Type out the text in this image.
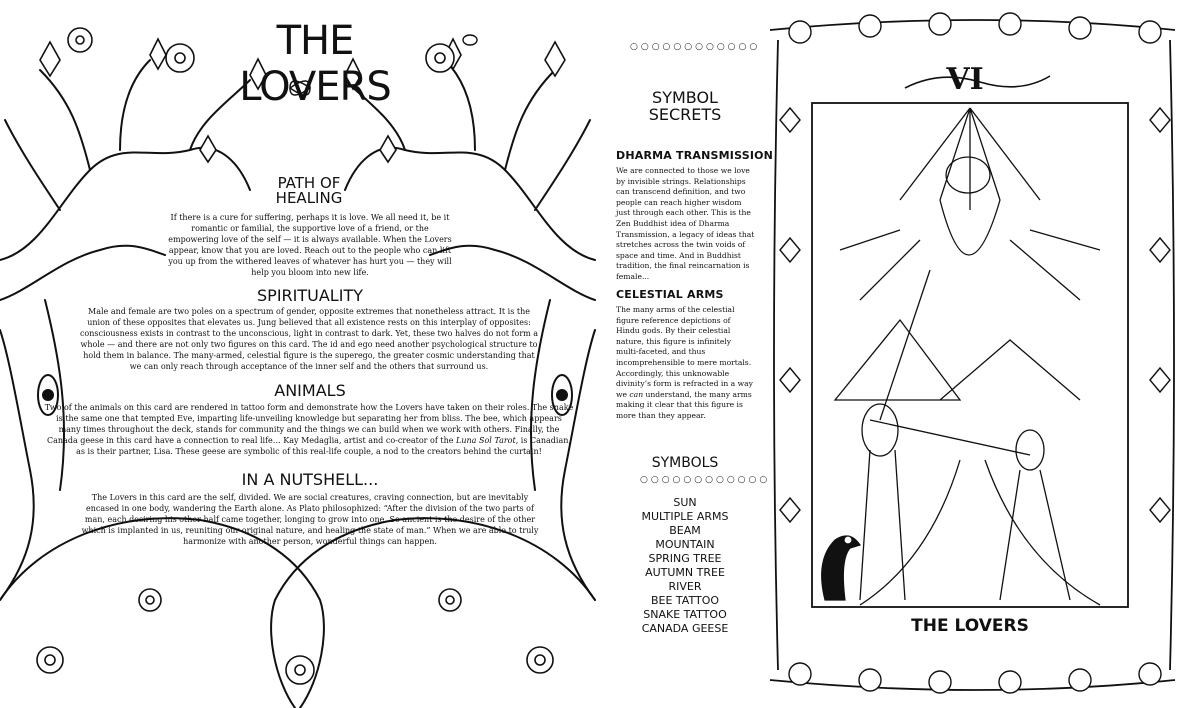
THE LOVERS
PATH OF HEALING

If there is a cure for suffering, perhaps it is love. We all need it, be it romantic or familial, the supportive love of a friend, or the empowering love of the self — it is always available. When the Lovers appear, know that you are loved. Reach out to the people who can lift you up from the withered leaves of whatever has hurt you — they will help you bloom into new life.

SPIRITUALITY

Male and female are two poles on a spectrum of gender, opposite extremes that nonetheless attract. It is the union of these opposites that elevates us. Jung believed that all existence rests on this interplay of opposites: consciousness exists in contrast to the unconscious, light in contrast to dark. Yet, these two halves do not form a whole — and there are not only two figures on this card. The id and ego need another psychological structure to hold them in balance. The many-armed, celestial figure is the superego, the greater cosmic understanding that we can only reach through acceptance of the inner self and the others that surround us.

ANIMALS

Two of the animals on this card are rendered in tattoo form and demonstrate how the Lovers have taken on their roles. The snake is the same one that tempted Eve, imparting life-unveiling knowledge but separating her from bliss. The bee, which appears many times throughout the deck, stands for community and the things we can build when we work with others. Finally, the Canada geese in this card have a connection to real life… Kay Medaglia, artist and co-creator of the Luna Sol Tarot, is Canadian, as is their partner, Lisa. These geese are symbolic of this real-life couple, a nod to the creators behind the curtain!

IN A NUTSHELL...

The Lovers in this card are the self, divided. We are social creatures, craving connection, but are inevitably encased in one body, wandering the Earth alone. As Plato philosophized: “After the division of the two parts of man, each desiring his other half came together, longing to grow into one. So ancient is the desire of the other which is implanted in us, reuniting our original nature, and healing the state of man.” When we are able to truly harmonize with another person, wonderful things can happen.

○○○○○○○○○○○○
SYMBOL SECRETS
DHARMA TRANSMISSION

We are connected to those we love by invisible strings. Relationships can transcend definition, and two people can reach higher wisdom just through each other. This is the Zen Buddhist idea of Dharma Transmission, a legacy of ideas that stretches across the twin voids of space and time. And in Buddhist tradition, the final reincarnation is female...

CELESTIAL ARMS

The many arms of the celestial figure reference depictions of Hindu gods. By their celestial nature, this figure is infinitely multi-faceted, and thus incomprehensible to mere mortals. Accordingly, this unknowable divinity’s form is refracted in a way we can understand, the many arms making it clear that this figure is more than they appear.

SYMBOLS
○○○○○○○○○○○○
SUN
MULTIPLE ARMS
BEAM
MOUNTAIN
SPRING TREE
AUTUMN TREE
RIVER
BEE TATTOO
SNAKE TATTOO
CANADA GEESE
VI
THE LOVERS
